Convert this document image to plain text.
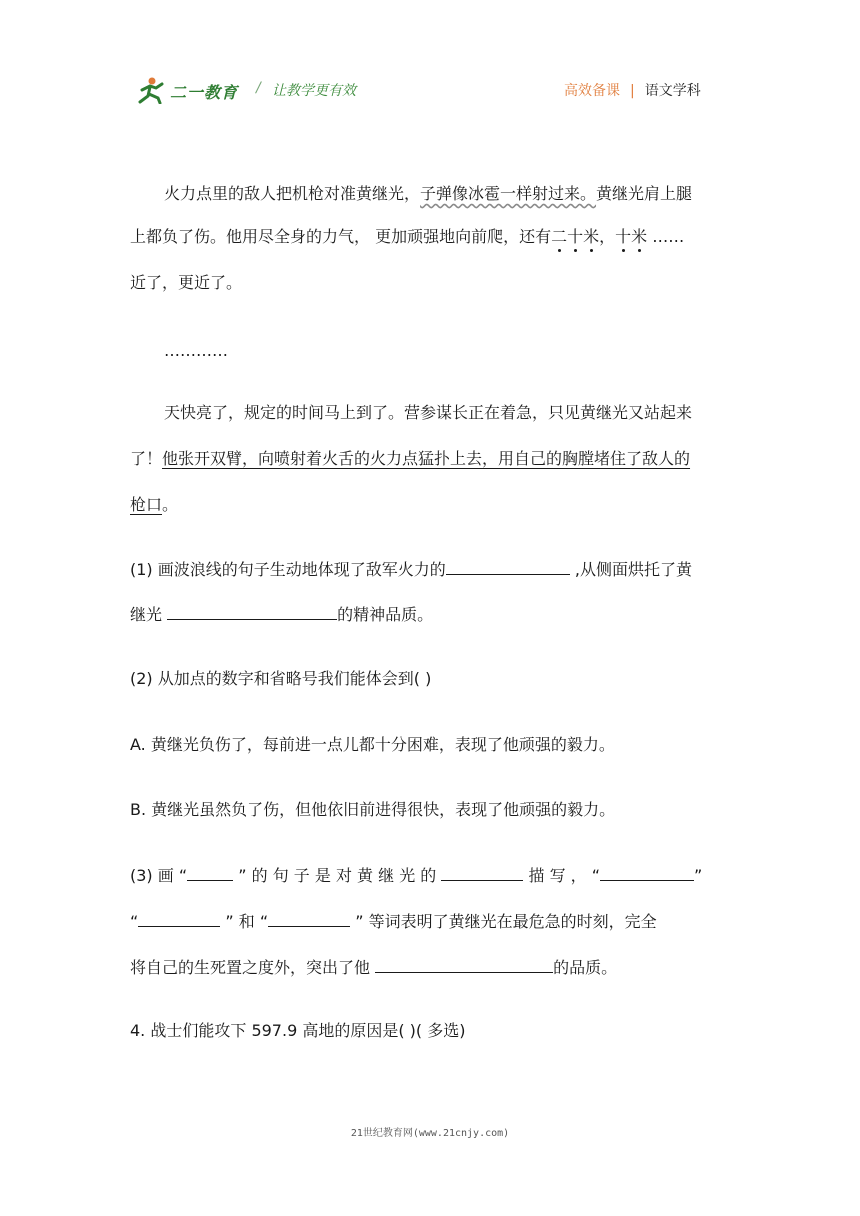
二一教育 / 让教学更有效	高效备课 | 语文学科
火力点里的敌人把机枪对准黄继光，子弹像冰雹一样射过来。黄继光肩上腿
上都负了伤。他用尽全身的力气， 更加顽强地向前爬，还有二十米，十米 ……
近了，更近了。
…………
天快亮了，规定的时间马上到了。营参谋长正在着急，只见黄继光又站起来
了！他张开双臂，向喷射着火舌的火力点猛扑上去，用自己的胸膛堵住了敌人的
枪口。
(1) 画波浪线的句子生动地体现了敌军火力的	,从侧面烘托了黄
继光	的精神品质。
(2) 从加点的数字和省略号我们能体会到( )
A. 黄继光负伤了，每前进一点儿都十分困难，表现了他顽强的毅力。
B. 黄继光虽然负了伤，但他依旧前进得很快，表现了他顽强的毅力。
(3) 画 “	” 的 句 子 是 对 黄 继 光 的	描 写 ， “	”
“	” 和 “	” 等词表明了黄继光在最危急的时刻，完全
将自己的生死置之度外，突出了他	的品质。
4. 战士们能攻下 597.9 高地的原因是( )( 多选)
21世纪教育网(www.21cnjy.com)
